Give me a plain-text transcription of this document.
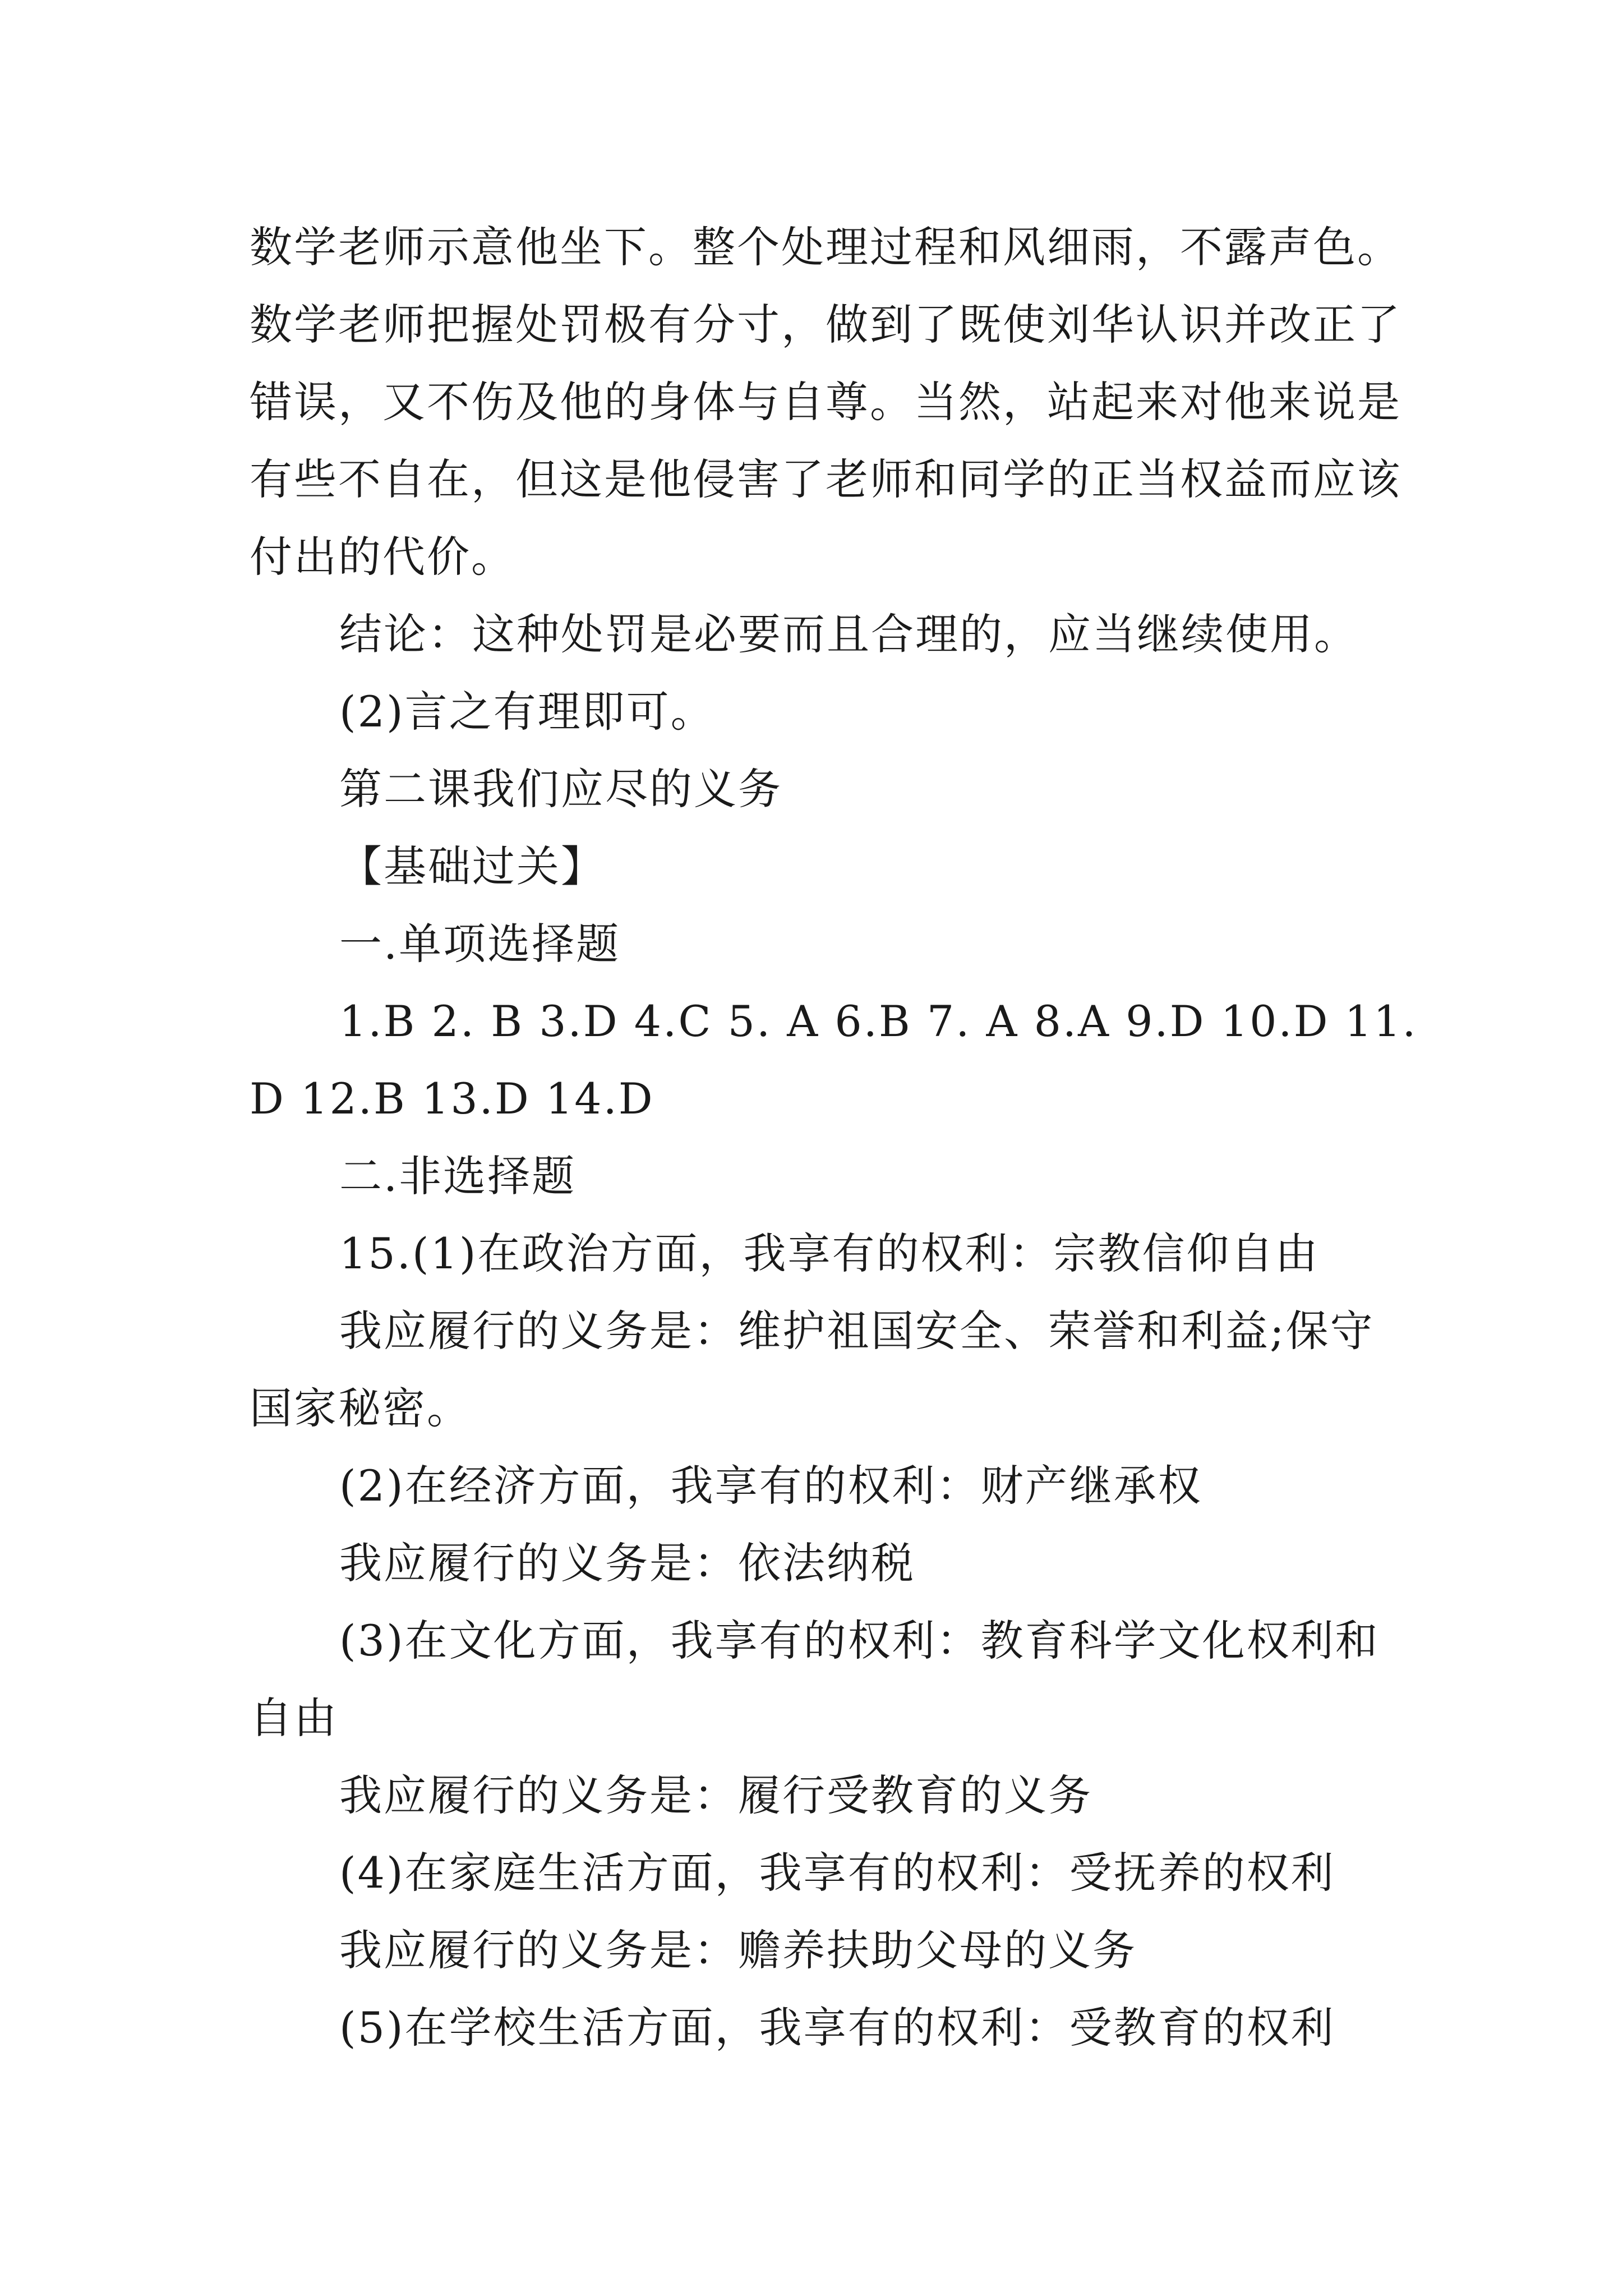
数学老师示意他坐下。整个处理过程和风细雨，不露声色。
数学老师把握处罚极有分寸，做到了既使刘华认识并改正了
错误，又不伤及他的身体与自尊。当然，站起来对他来说是
有些不自在，但这是他侵害了老师和同学的正当权益而应该
付出的代价。
结论：这种处罚是必要而且合理的，应当继续使用。
(2)言之有理即可。
第二课我们应尽的义务
【基础过关】
一.单项选择题
1.B 2. B 3.D 4.C 5. A 6.B 7. A 8.A 9.D 10.D 11.
D 12.B 13.D 14.D
二.非选择题
15.(1)在政治方面，我享有的权利：宗教信仰自由
我应履行的义务是：维护祖国安全、荣誉和利益;保守
国家秘密。
(2)在经济方面，我享有的权利：财产继承权
我应履行的义务是：依法纳税
(3)在文化方面，我享有的权利：教育科学文化权利和
自由
我应履行的义务是：履行受教育的义务
(4)在家庭生活方面，我享有的权利：受抚养的权利
我应履行的义务是：赡养扶助父母的义务
(5)在学校生活方面，我享有的权利：受教育的权利
